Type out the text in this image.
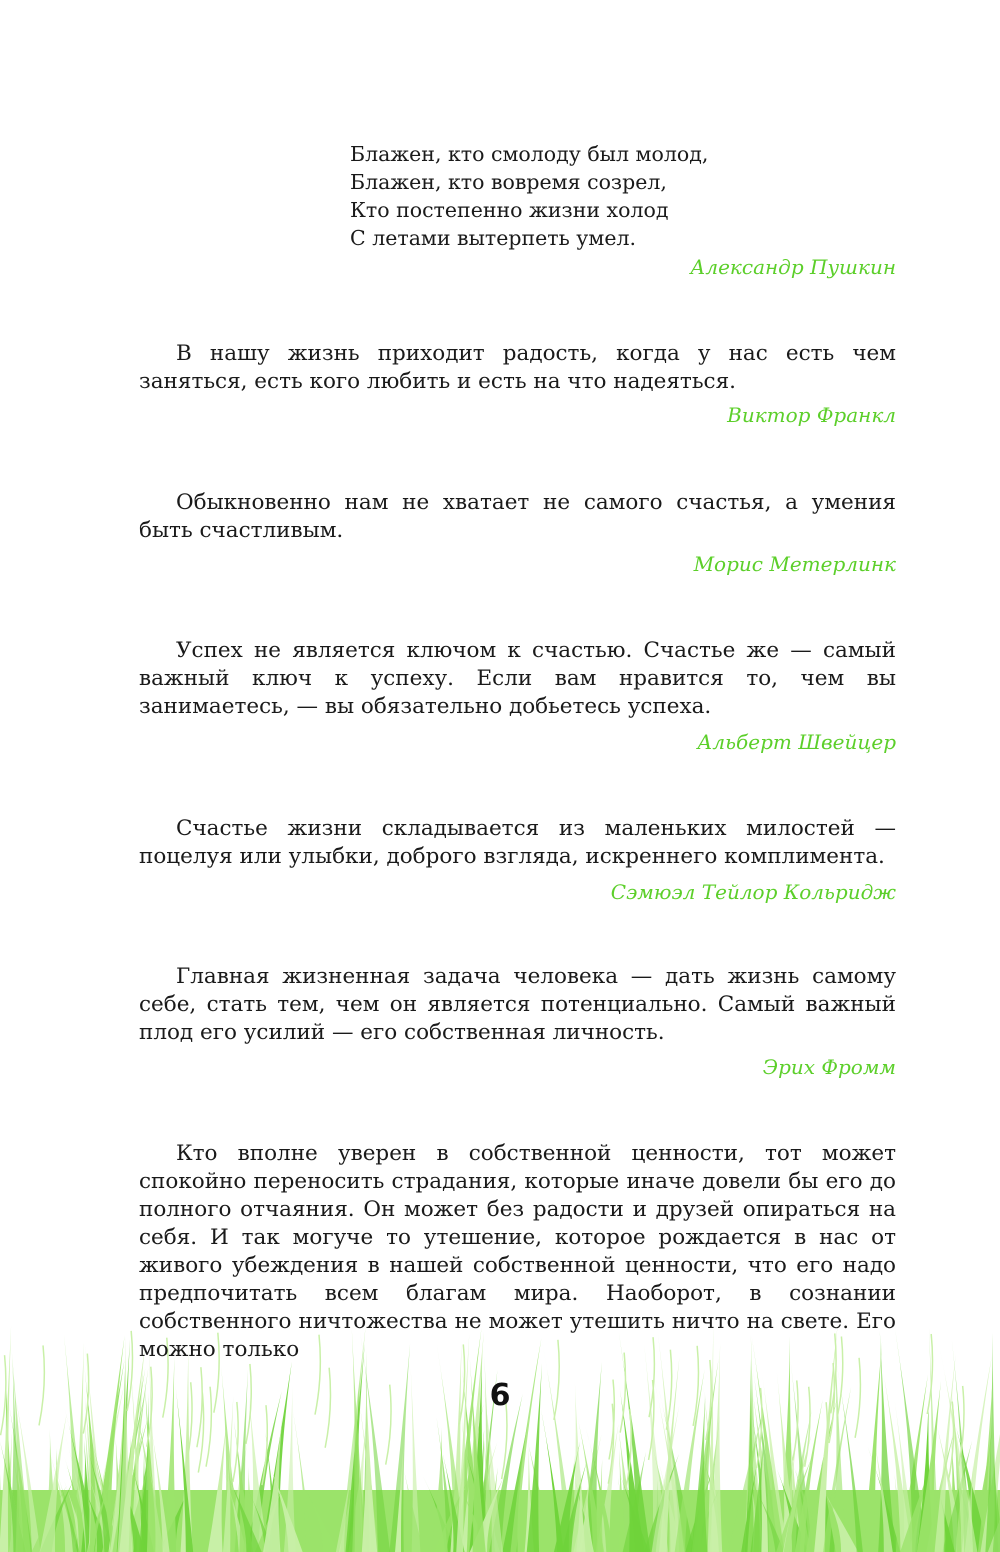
Блажен, кто смолоду был молод,
Блажен, кто вовремя созрел,
Кто постепенно жизни холод
С летами вытерпеть умел.
Александр Пушкин

В нашу жизнь приходит радость, когда у нас есть чем заняться, есть кого любить и есть на что надеяться.

Виктор Франкл

Обыкновенно нам не хватает не самого счастья, а умения быть счастливым.

Морис Метерлинк

Успех не является ключом к счастью. Счастье же — самый важный ключ к успеху. Если вам нравится то, чем вы занимаетесь, — вы обязательно добьетесь успеха.

Альберт Швейцер

Счастье жизни складывается из маленьких милостей — поцелуя или улыбки, доброго взгляда, искреннего комплимента.

Сэмюэл Тейлор Кольридж

Главная жизненная задача человека — дать жизнь самому себе, стать тем, чем он является потенциально. Самый важный плод его усилий — его собственная личность.

Эрих Фромм

Кто вполне уверен в собственной ценности, тот может спокойно переносить страдания, которые иначе довели бы его до полного отчаяния. Он может без радости и друзей опираться на себя. И так могуче то утешение, которое рождается в нас от живого убеждения в нашей собственной ценности, что его надо предпочитать всем благам мира. Наоборот, в сознании собственного ничтожества не может утешить ничто на свете. Его можно только

6
